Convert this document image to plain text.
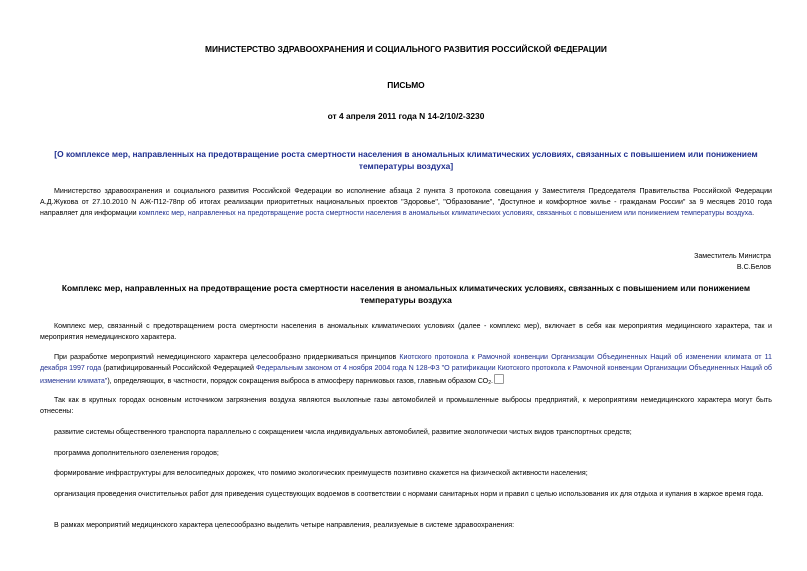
МИНИСТЕРСТВО ЗДРАВООХРАНЕНИЯ И СОЦИАЛЬНОГО РАЗВИТИЯ РОССИЙСКОЙ ФЕДЕРАЦИИ
ПИСЬМО
от 4 апреля 2011 года N 14-2/10/2-3230
[О комплексе мер, направленных на предотвращение роста смертности населения в аномальных климатических условиях, связанных с повышением или понижением температуры воздуха]
Министерство здравоохранения и социального развития Российской Федерации во исполнение абзаца 2 пункта 3 протокола совещания у Заместителя Председателя Правительства Российской Федерации А.Д.Жукова от 27.10.2010 N АЖ-П12-78пр об итогах реализации приоритетных национальных проектов "Здоровье", "Образование", "Доступное и комфортное жилье - гражданам России" за 9 месяцев 2010 года направляет для информации комплекс мер, направленных на предотвращение роста смертности населения в аномальных климатических условиях, связанных с повышением или понижением температуры воздуха.
Заместитель Министра
В.С.Белов
Комплекс мер, направленных на предотвращение роста смертности населения в аномальных климатических условиях, связанных с повышением или понижением температуры воздуха
Комплекс мер, связанный с предотвращением роста смертности населения в аномальных климатических условиях (далее - комплекс мер), включает в себя как мероприятия медицинского характера, так и мероприятия немедицинского характера.
При разработке мероприятий немедицинского характера целесообразно придерживаться принципов Киотского протокола к Рамочной конвенции Организации Объединенных Наций об изменении климата от 11 декабря 1997 года (ратифицированный Российской Федерацией Федеральным законом от 4 ноября 2004 года N 128-ФЗ "О ратификации Киотского протокола к Рамочной конвенции Организации Объединенных Наций об изменении климата"), определяющих, в частности, порядок сокращения выброса в атмосферу парниковых газов, главным образом $СО_2$.
Так как в крупных городах основным источником загрязнения воздуха являются выхлопные газы автомобилей и промышленные выбросы предприятий, к мероприятиям немедицинского характера могут быть отнесены:
развитие системы общественного транспорта параллельно с сокращением числа индивидуальных автомобилей, развитие экологически чистых видов транспортных средств;
программа дополнительного озеленения городов;
формирование инфраструктуры для велосипедных дорожек, что помимо экологических преимуществ позитивно скажется на физической активности населения;
организация проведения очистительных работ для приведения существующих водоемов в соответствии с нормами санитарных норм и правил с целью использования их для отдыха и купания в жаркое время года.
В рамках мероприятий медицинского характера целесообразно выделить четыре направления, реализуемые в системе здравоохранения:
